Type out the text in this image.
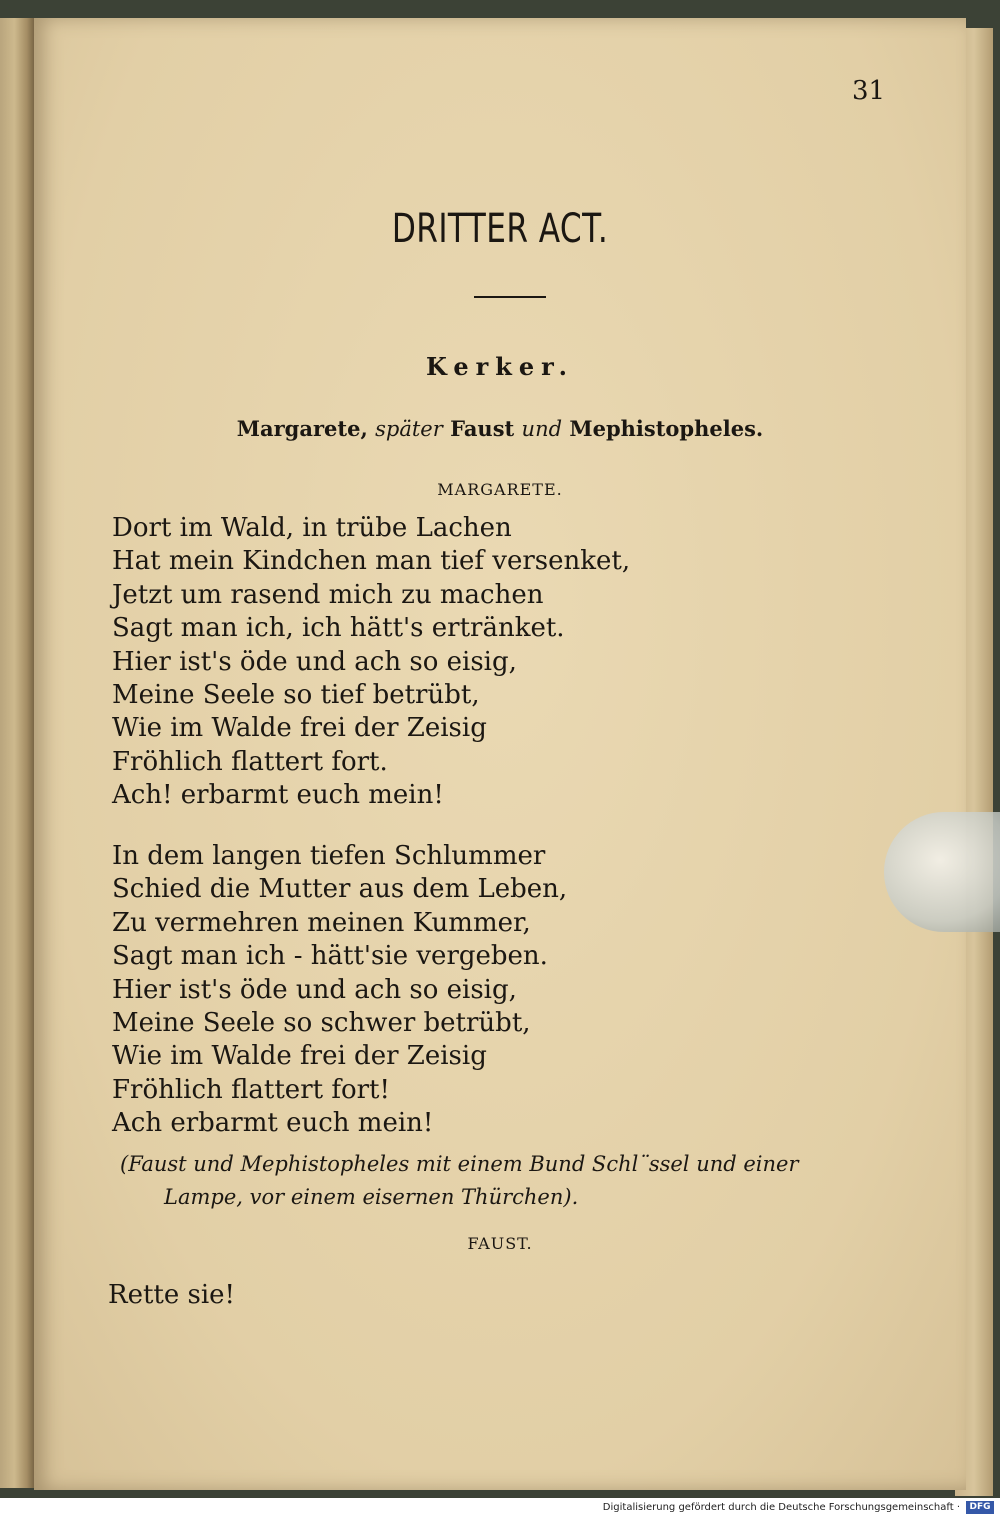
31
DRITTER ACT.
Kerker.
Margarete, später Faust und Mephistopheles.
MARGARETE.
Dort im Wald, in trübe Lachen
Hat mein Kindchen man tief versenket,
Jetzt um rasend mich zu machen
Sagt man ich, ich hätt's ertränket.
Hier ist's öde und ach so eisig,
Meine Seele so tief betrübt,
Wie im Walde frei der Zeisig
Fröhlich flattert fort.
Ach! erbarmt euch mein!
In dem langen tiefen Schlummer
Schied die Mutter aus dem Leben,
Zu vermehren meinen Kummer,
Sagt man ich - hätt'sie vergeben.
Hier ist's öde und ach so eisig,
Meine Seele so schwer betrübt,
Wie im Walde frei der Zeisig
Fröhlich flattert fort!
Ach erbarmt euch mein!
(Faust und Mephistopheles mit einem Bund Schl¨ssel und einer
Lampe, vor einem eisernen Thürchen).
FAUST.
Rette sie!
Digitalisierung gefördert durch die Deutsche Forschungsgemeinschaft ·	DFG
